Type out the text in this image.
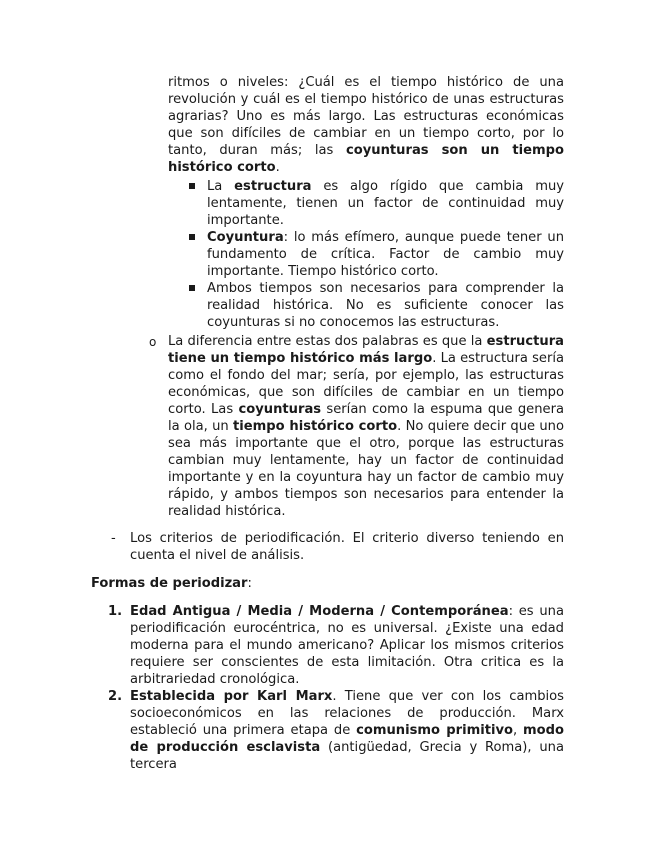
ritmos o niveles: ¿Cuál es el tiempo histórico de una revolución y cuál es el tiempo histórico de unas estructuras agrarias? Uno es más largo. Las estructuras económicas que son difíciles de cambiar en un tiempo corto, por lo tanto, duran más; las coyunturas son un tiempo histórico corto.

La estructura es algo rígido que cambia muy lentamente, tienen un factor de continuidad muy importante.
Coyuntura: lo más efímero, aunque puede tener un fundamento de crítica. Factor de cambio muy importante. Tiempo histórico corto.
Ambos tiempos son necesarios para comprender la realidad histórica. No es suficiente conocer las coyunturas si no conocemos las estructuras.
o La diferencia entre estas dos palabras es que la estructura tiene un tiempo histórico más largo. La estructura sería como el fondo del mar; sería, por ejemplo, las estructuras económicas, que son difíciles de cambiar en un tiempo corto. Las coyunturas serían como la espuma que genera la ola, un tiempo histórico corto. No quiere decir que uno sea más importante que el otro, porque las estructuras cambian muy lentamente, hay un factor de continuidad importante y en la coyuntura hay un factor de cambio muy rápido, y ambos tiempos son necesarios para entender la realidad histórica.

- Los criterios de periodificación. El criterio diverso teniendo en cuenta el nivel de análisis.

Formas de periodizar:

1. Edad Antigua / Media / Moderna / Contemporánea: es una periodificación eurocéntrica, no es universal. ¿Existe una edad moderna para el mundo americano? Aplicar los mismos criterios requiere ser conscientes de esta limitación. Otra critica es la arbitrariedad cronológica.
2. Establecida por Karl Marx. Tiene que ver con los cambios socioeconómicos en las relaciones de producción. Marx estableció una primera etapa de comunismo primitivo, modo de producción esclavista (antigüedad, Grecia y Roma), una tercera
